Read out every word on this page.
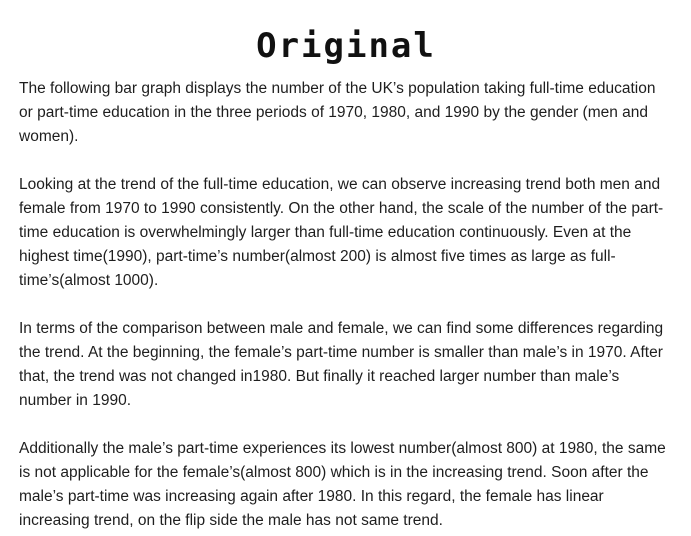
Original

The following bar graph displays the number of the UK’s population taking full-time education or part-time education in the three periods of 1970, 1980, and 1990 by the gender (men and women).

Looking at the trend of the full-time education, we can observe increasing trend both men and female from 1970 to 1990 consistently. On the other hand, the scale of the number of the part-time education is overwhelmingly larger than full-time education continuously. Even at the highest time(1990), part-time’s number(almost 200) is almost five times as large as full-time’s(almost 1000).

In terms of the comparison between male and female, we can find some differences regarding the trend. At the beginning, the female’s part-time number is smaller than male’s in 1970. After that, the trend was not changed in1980. But finally it reached larger number than male’s number in 1990.

Additionally the male’s part-time experiences its lowest number(almost 800) at 1980, the same is not applicable for the female’s(almost 800) which is in the increasing trend. Soon after the male’s part-time was increasing again after 1980. In this regard, the female has linear increasing trend, on the flip side the male has not same trend.
